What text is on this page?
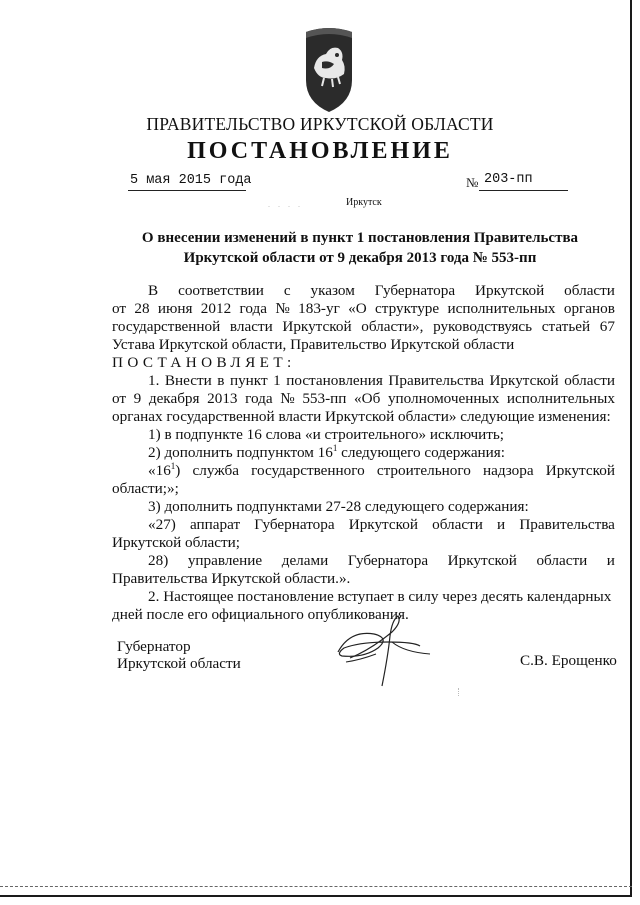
ПРАВИТЕЛЬСТВО ИРКУТСКОЙ ОБЛАСТИ
ПОСТАНОВЛЕНИЕ
5 мая 2015 года	№ 203-пп
. . . .	Иркутск
О внесении изменений в пункт 1 постановления Правительства
Иркутской области от 9 декабря 2013 года № 553-пп
В соответствии с указом Губернатора Иркутской области
от 28 июня 2012 года № 183-уг «О структуре исполнительных органов
государственной власти Иркутской области», руководствуясь статьей 67
Устава Иркутской области, Правительство Иркутской области
ПОСТАНОВЛЯЕТ:
1. Внести в пункт 1 постановления Правительства Иркутской области
от 9 декабря 2013 года № 553-пп «Об уполномоченных исполнительных
органах государственной власти Иркутской области» следующие изменения:
1) в подпункте 16 слова «и строительного» исключить;
2) дополнить подпунктом $16^1$ следующего содержания:
«$16^1$) служба государственного строительного надзора Иркутской
области;»;
3) дополнить подпунктами 27-28 следующего содержания:
«27) аппарат Губернатора Иркутской области и Правительства
Иркутской области;
28) управление делами Губернатора Иркутской области и
Правительства Иркутской области.».
2. Настоящее постановление вступает в силу через десять календарных
дней после его официального опубликования.
Губернатор
Иркутской области	С.В. Ерощенко
